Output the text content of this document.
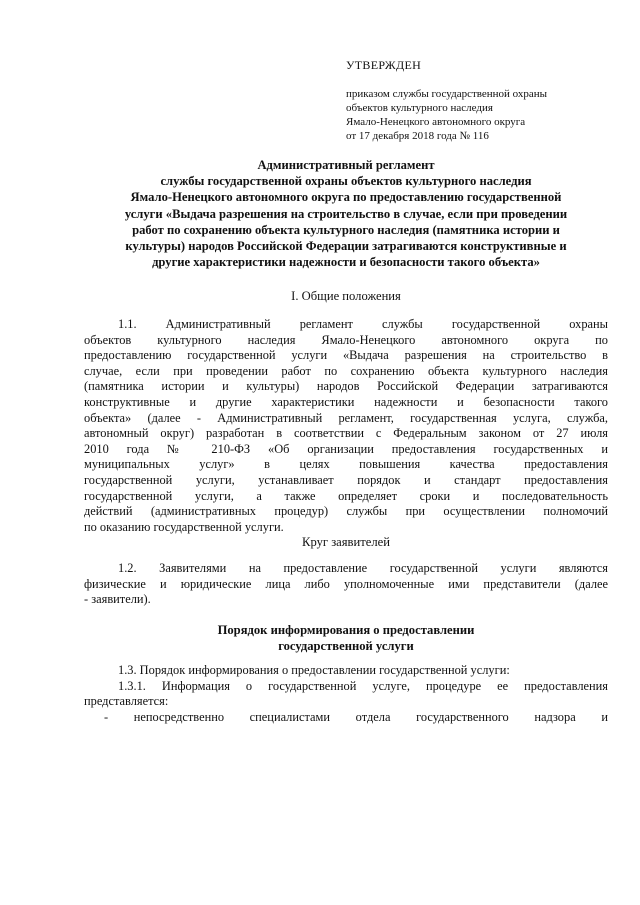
УТВЕРЖДЕН
приказом службы государственной охраны
объектов культурного наследия
Ямало-Ненецкого автономного округа
от 17 декабря 2018 года № 116
Административный регламент
службы государственной охраны объектов культурного наследия
Ямало-Ненецкого автономного округа по предоставлению государственной
услуги «Выдача разрешения на строительство в случае, если при проведении
работ по сохранению объекта культурного наследия (памятника истории и
культуры) народов Российской Федерации затрагиваются конструктивные и
другие характеристики надежности и безопасности такого объекта»
I. Общие положения
1.1. Административный регламент службы государственной охраны
объектов культурного наследия Ямало-Ненецкого автономного округа по
предоставлению государственной услуги «Выдача разрешения на строительство в
случае, если при проведении работ по сохранению объекта культурного наследия
(памятника истории и культуры) народов Российской Федерации затрагиваются
конструктивные и другие характеристики надежности и безопасности такого
объекта» (далее - Административный регламент, государственная услуга, служба,
автономный округ) разработан в соответствии с Федеральным законом от 27 июля
2010 года № 210-ФЗ «Об организации предоставления государственных и
муниципальных услуг» в целях повышения качества предоставления
государственной услуги, устанавливает порядок и стандарт предоставления
государственной услуги, а также определяет сроки и последовательность
действий (административных процедур) службы при осуществлении полномочий
по оказанию государственной услуги.
Круг заявителей
1.2. Заявителями на предоставление государственной услуги являются
физические и юридические лица либо уполномоченные ими представители (далее
- заявители).
Порядок информирования о предоставлении
государственной услуги
1.3. Порядок информирования о предоставлении государственной услуги:
1.3.1. Информация о государственной услуге, процедуре ее предоставления
представляется:
- непосредственно специалистами отдела государственного надзора и
